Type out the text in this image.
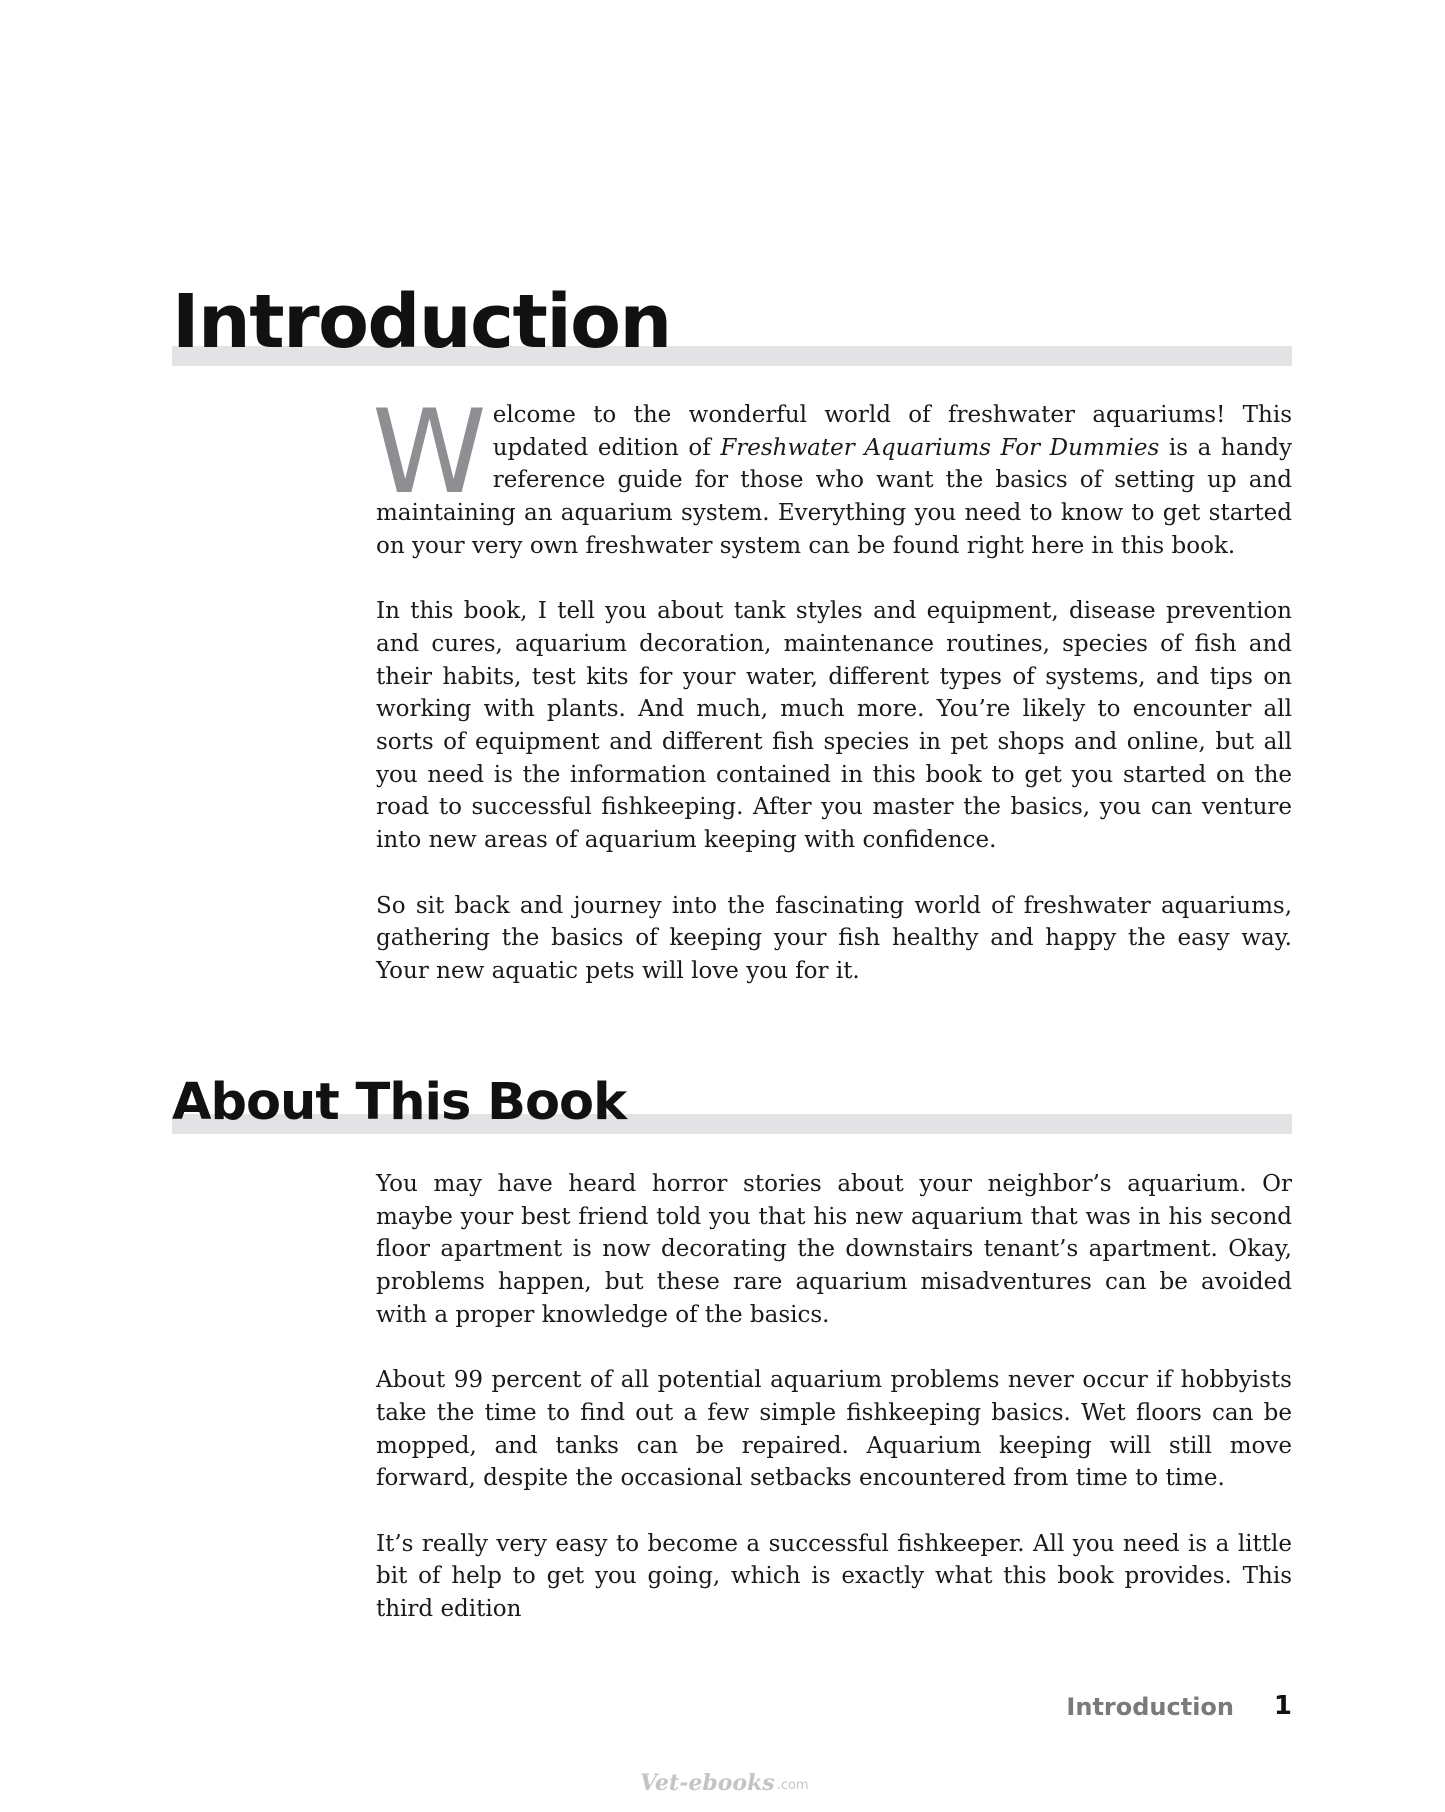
Introduction

Welcome to the wonderful world of freshwater aquariums! This updated edition of Freshwater Aquariums For Dummies is a handy reference guide for those who want the basics of setting up and maintaining an aquarium system. Everything you need to know to get started on your very own freshwater system can be found right here in this book.

In this book, I tell you about tank styles and equipment, disease prevention and cures, aquarium decoration, maintenance routines, species of fish and their habits, test kits for your water, different types of systems, and tips on working with plants. And much, much more. You’re likely to encounter all sorts of equipment and different fish species in pet shops and online, but all you need is the information contained in this book to get you started on the road to successful fishkeeping. After you master the basics, you can venture into new areas of aquarium keeping with confidence.

So sit back and journey into the fascinating world of freshwater aquariums, gathering the basics of keeping your fish healthy and happy the easy way. Your new aquatic pets will love you for it.

About This Book

You may have heard horror stories about your neighbor’s aquarium. Or maybe your best friend told you that his new aquarium that was in his second floor apartment is now decorating the downstairs tenant’s apartment. Okay, problems happen, but these rare aquarium misadventures can be avoided with a proper knowledge of the basics.

About 99 percent of all potential aquarium problems never occur if hobbyists take the time to find out a few simple fishkeeping basics. Wet floors can be mopped, and tanks can be repaired. Aquarium keeping will still move forward, despite the occasional setbacks encountered from time to time.

It’s really very easy to become a successful fishkeeper. All you need is a little bit of help to get you going, which is exactly what this book provides. This third edition

Introduction	1
Vet-ebooks .com
